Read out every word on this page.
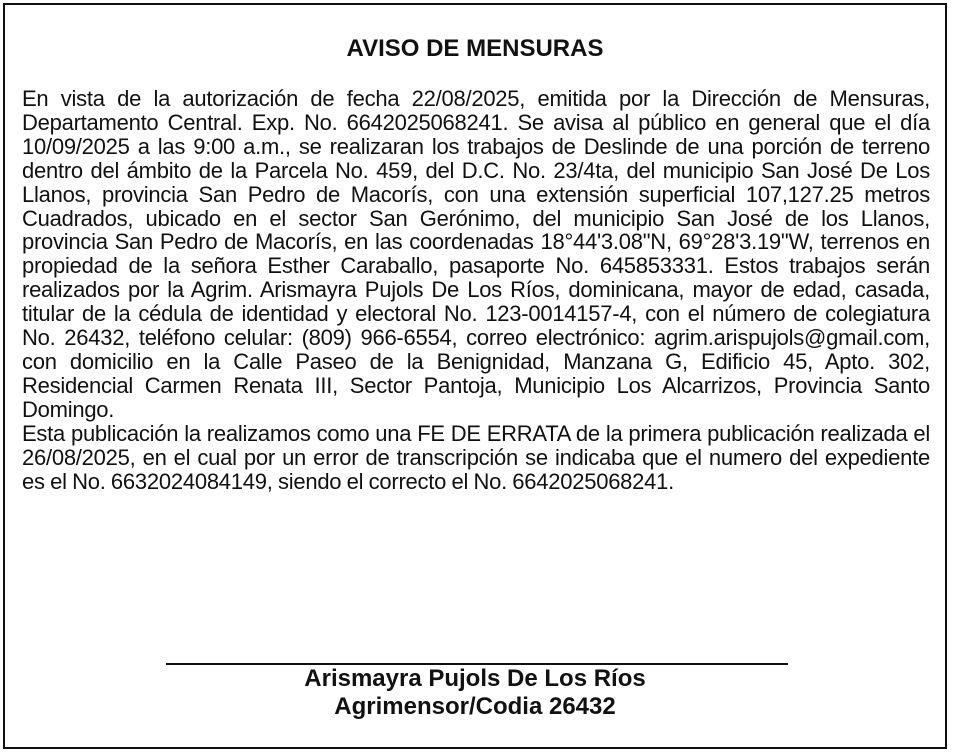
AVISO DE MENSURAS

En vista de la autorización de fecha 22/08/2025, emitida por la Dirección de Mensuras, Departamento Central. Exp. No. 6642025068241. Se avisa al público en general que el día 10/09/2025 a las 9:00 a.m., se realizaran los trabajos de Deslinde de una porción de terreno dentro del ámbito de la Parcela No. 459, del D.C. No. 23/4ta, del municipio San José De Los Llanos, provincia San Pedro de Macorís, con una extensión superficial 107,127.25 metros Cuadrados, ubicado en el sector San Gerónimo, del municipio San José de los Llanos, provincia San Pedro de Macorís, en las coordenadas 18°44'3.08"N, 69°28'3.19"W, terrenos en propiedad de la señora Esther Caraballo, pasaporte No. 645853331. Estos trabajos serán realizados por la Agrim. Arismayra Pujols De Los Ríos, dominicana, mayor de edad, casada, titular de la cédula de identidad y electoral No. 123-0014157-4, con el número de colegiatura No. 26432, teléfono celular: (809) 966-6554, correo electrónico: agrim.arispujols@gmail.com, con domicilio en la Calle Paseo de la Benignidad, Manzana G, Edificio 45, Apto. 302, Residencial Carmen Renata III, Sector Pantoja, Municipio Los Alcarrizos, Provincia Santo Domingo.

Esta publicación la realizamos como una FE DE ERRATA de la primera publicación realizada el 26/08/2025, en el cual por un error de transcripción se indicaba que el numero del expediente es el No. 6632024084149, siendo el correcto el No. 6642025068241.

Arismayra Pujols De Los Ríos
Agrimensor/Codia 26432
